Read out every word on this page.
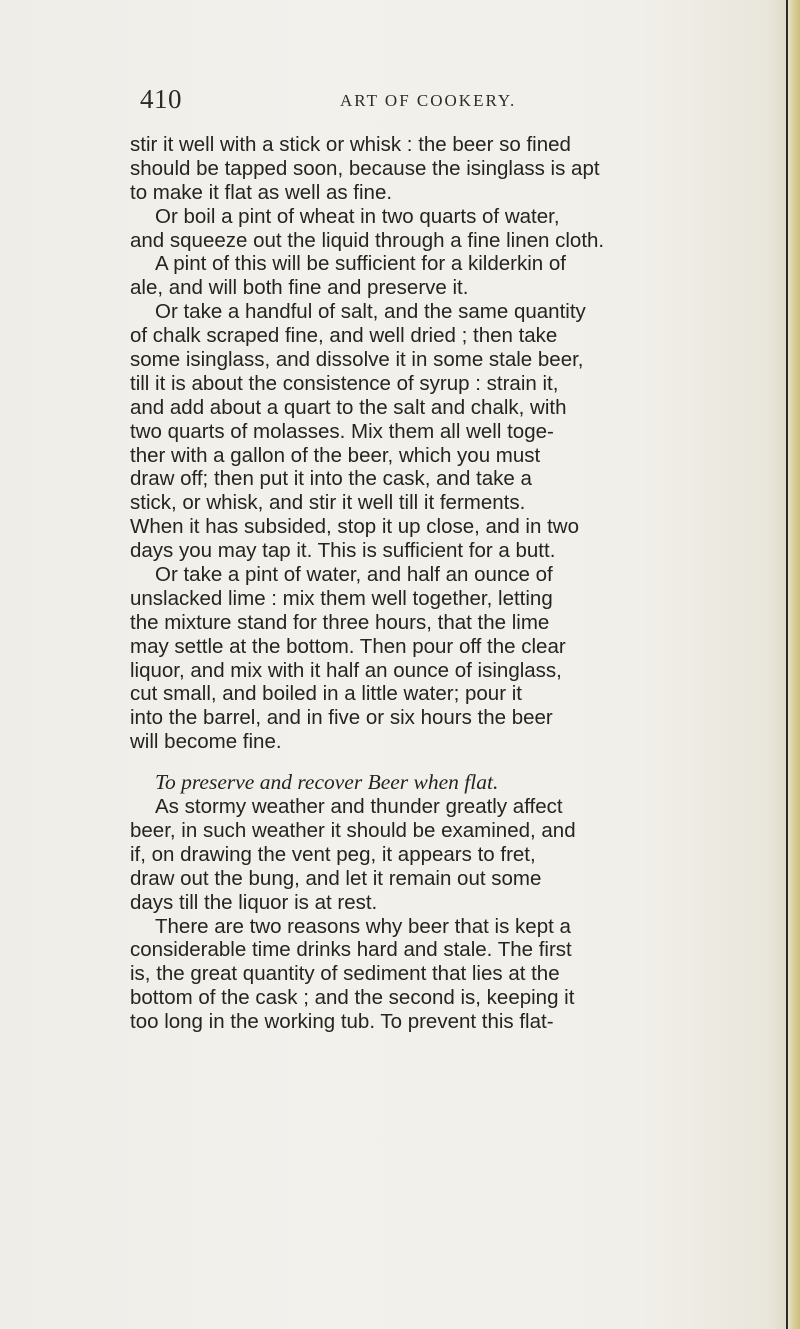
410	ART OF COOKERY.
stir it well with a stick or whisk : the beer so fined
should be tapped soon, because the isinglass is apt
to make it flat as well as fine.
Or boil a pint of wheat in two quarts of water,
and squeeze out the liquid through a fine linen cloth.
A pint of this will be sufficient for a kilderkin of
ale, and will both fine and preserve it.
Or take a handful of salt, and the same quantity
of chalk scraped fine, and well dried ; then take
some isinglass, and dissolve it in some stale beer,
till it is about the consistence of syrup : strain it,
and add about a quart to the salt and chalk, with
two quarts of molasses. Mix them all well toge-
ther with a gallon of the beer, which you must
draw off; then put it into the cask, and take a
stick, or whisk, and stir it well till it ferments.
When it has subsided, stop it up close, and in two
days you may tap it. This is sufficient for a butt.
Or take a pint of water, and half an ounce of
unslacked lime : mix them well together, letting
the mixture stand for three hours, that the lime
may settle at the bottom. Then pour off the clear
liquor, and mix with it half an ounce of isinglass,
cut small, and boiled in a little water; pour it
into the barrel, and in five or six hours the beer
will become fine.
To preserve and recover Beer when flat.
As stormy weather and thunder greatly affect
beer, in such weather it should be examined, and
if, on drawing the vent peg, it appears to fret,
draw out the bung, and let it remain out some
days till the liquor is at rest.
There are two reasons why beer that is kept a
considerable time drinks hard and stale. The first
is, the great quantity of sediment that lies at the
bottom of the cask ; and the second is, keeping it
too long in the working tub. To prevent this flat-
